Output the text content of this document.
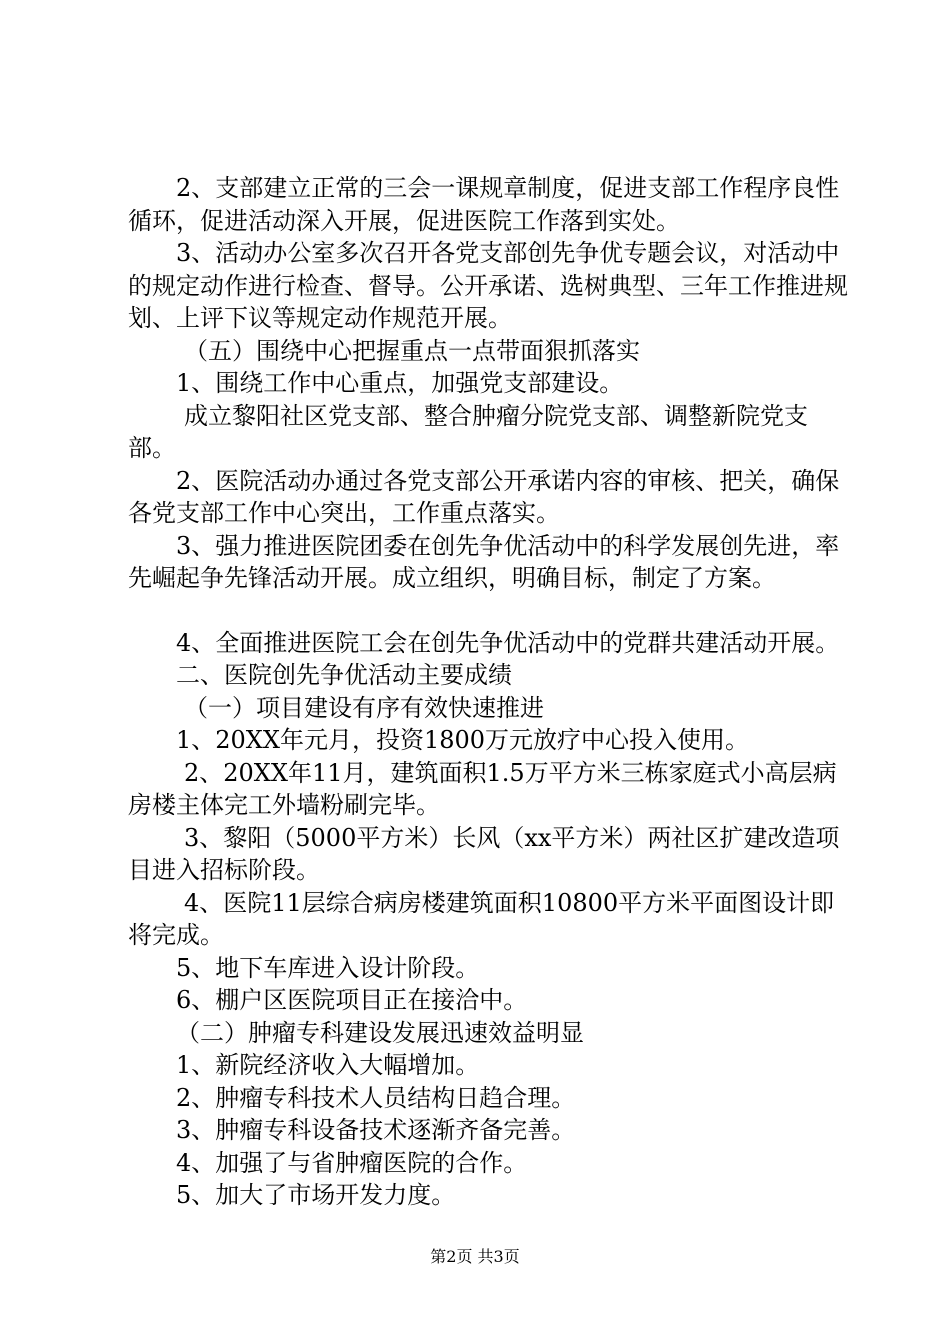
2、支部建立正常的三会一课规章制度，促进支部工作程序良性循环，促进活动深入开展，促进医院工作落到实处。

3、活动办公室多次召开各党支部创先争优专题会议，对活动中的规定动作进行检查、督导。公开承诺、选树典型、三年工作推进规划、上评下议等规定动作规范开展。

（五）围绕中心把握重点一点带面狠抓落实

1、围绕工作中心重点，加强党支部建设。

成立黎阳社区党支部、整合肿瘤分院党支部、调整新院党支部。

2、医院活动办通过各党支部公开承诺内容的审核、把关，确保各党支部工作中心突出，工作重点落实。

3、强力推进医院团委在创先争优活动中的科学发展创先进，率先崛起争先锋活动开展。成立组织，明确目标，制定了方案。

4、全面推进医院工会在创先争优活动中的党群共建活动开展。

二、医院创先争优活动主要成绩

（一）项目建设有序有效快速推进

1、20XX年元月，投资1800万元放疗中心投入使用。

2、20XX年11月，建筑面积1.5万平方米三栋家庭式小高层病房楼主体完工外墙粉刷完毕。

3、黎阳（5000平方米）长风（xx平方米）两社区扩建改造项目进入招标阶段。

4、医院11层综合病房楼建筑面积10800平方米平面图设计即将完成。

5、地下车库进入设计阶段。

6、棚户区医院项目正在接洽中。

（二）肿瘤专科建设发展迅速效益明显

1、新院经济收入大幅增加。

2、肿瘤专科技术人员结构日趋合理。

3、肿瘤专科设备技术逐渐齐备完善。

4、加强了与省肿瘤医院的合作。

5、加大了市场开发力度。

第2页 共3页
